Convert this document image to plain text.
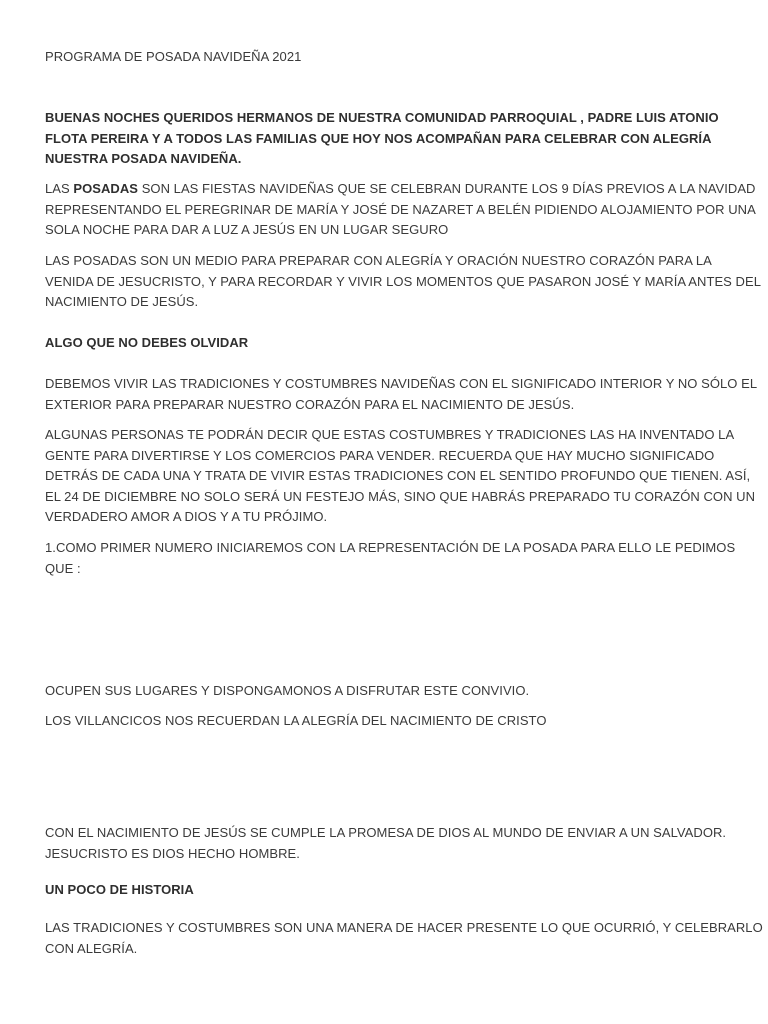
PROGRAMA DE POSADA NAVIDEÑA 2021
BUENAS NOCHES QUERIDOS HERMANOS DE NUESTRA COMUNIDAD PARROQUIAL , PADRE LUIS ATONIO
FLOTA PEREIRA Y A TODOS LAS FAMILIAS QUE HOY NOS ACOMPAÑAN PARA CELEBRAR CON ALEGRÍA
NUESTRA POSADA NAVIDEÑA.
LAS POSADAS SON LAS FIESTAS NAVIDEÑAS QUE SE CELEBRAN DURANTE LOS 9 DÍAS PREVIOS A LA NAVIDAD
REPRESENTANDO EL PEREGRINAR DE MARÍA Y JOSÉ DE NAZARET A BELÉN PIDIENDO ALOJAMIENTO POR UNA
SOLA NOCHE PARA DAR A LUZ A JESÚS EN UN LUGAR SEGURO
LAS POSADAS SON UN MEDIO PARA PREPARAR CON ALEGRÍA Y ORACIÓN NUESTRO CORAZÓN PARA LA
VENIDA DE JESUCRISTO, Y PARA RECORDAR Y VIVIR LOS MOMENTOS QUE PASARON JOSÉ Y MARÍA ANTES DEL
NACIMIENTO DE JESÚS.
ALGO QUE NO DEBES OLVIDAR
DEBEMOS VIVIR LAS TRADICIONES Y COSTUMBRES NAVIDEÑAS CON EL SIGNIFICADO INTERIOR Y NO SÓLO EL
EXTERIOR PARA PREPARAR NUESTRO CORAZÓN PARA EL NACIMIENTO DE JESÚS.
ALGUNAS PERSONAS TE PODRÁN DECIR QUE ESTAS COSTUMBRES Y TRADICIONES LAS HA INVENTADO LA
GENTE PARA DIVERTIRSE Y LOS COMERCIOS PARA VENDER. RECUERDA QUE HAY MUCHO SIGNIFICADO
DETRÁS DE CADA UNA Y TRATA DE VIVIR ESTAS TRADICIONES CON EL SENTIDO PROFUNDO QUE TIENEN. ASÍ,
EL 24 DE DICIEMBRE NO SOLO SERÁ UN FESTEJO MÁS, SINO QUE HABRÁS PREPARADO TU CORAZÓN CON UN
VERDADERO AMOR A DIOS Y A TU PRÓJIMO.
1.COMO PRIMER NUMERO INICIAREMOS CON LA REPRESENTACIÓN DE LA POSADA PARA ELLO LE PEDIMOS
QUE :
OCUPEN SUS LUGARES Y DISPONGAMONOS A DISFRUTAR ESTE CONVIVIO.
LOS VILLANCICOS NOS RECUERDAN LA ALEGRÍA DEL NACIMIENTO DE CRISTO
CON EL NACIMIENTO DE JESÚS SE CUMPLE LA PROMESA DE DIOS AL MUNDO DE ENVIAR A UN SALVADOR.
JESUCRISTO ES DIOS HECHO HOMBRE.
UN POCO DE HISTORIA
LAS TRADICIONES Y COSTUMBRES SON UNA MANERA DE HACER PRESENTE LO QUE OCURRIÓ, Y CELEBRARLO
CON ALEGRÍA.
